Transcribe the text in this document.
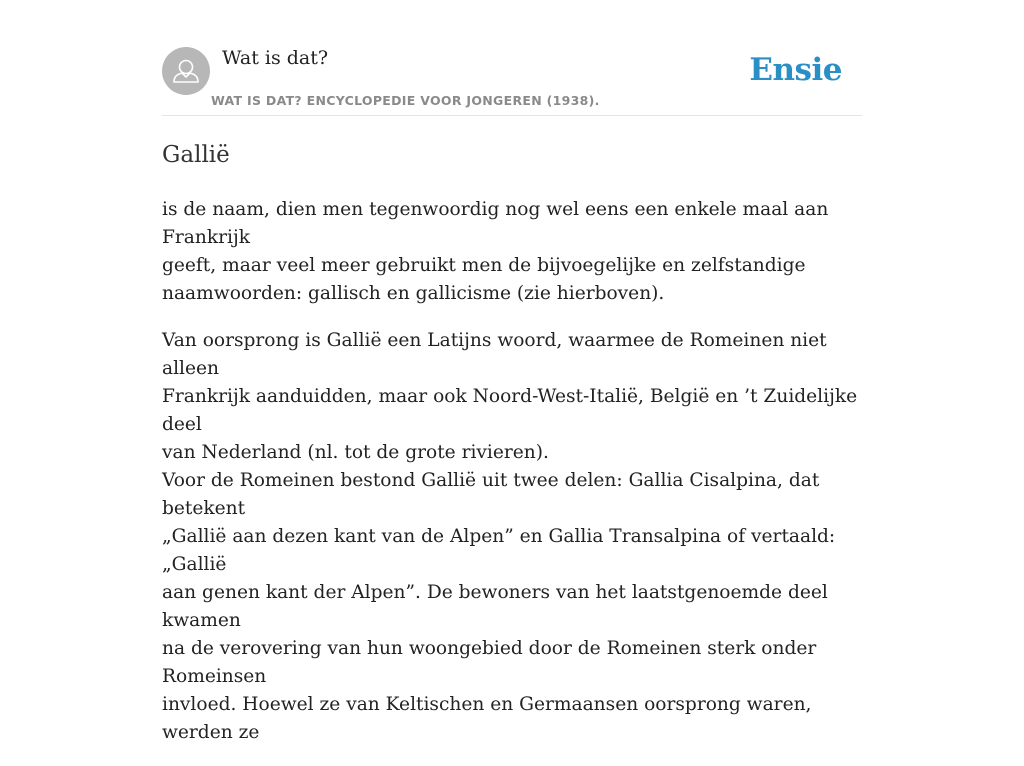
Wat is dat?
WAT IS DAT? ENCYCLOPEDIE VOOR JONGEREN (1938).
Ensie
Gallië

is de naam, dien men tegenwoordig nog wel eens een enkele maal aan Frankrijk
geeft, maar veel meer gebruikt men de bijvoegelijke en zelfstandige
naamwoorden: gallisch en gallicisme (zie hierboven).

Van oorsprong is Gallië een Latijns woord, waarmee de Romeinen niet alleen
Frankrijk aanduidden, maar ook Noord-West-Italië, België en ’t Zuidelijke deel
van Nederland (nl. tot de grote rivieren).
Voor de Romeinen bestond Gallië uit twee delen: Gallia Cisalpina, dat betekent
„Gallië aan dezen kant van de Alpen” en Gallia Transalpina of vertaald: „Gallië
aan genen kant der Alpen”. De bewoners van het laatstgenoemde deel kwamen
na de verovering van hun woongebied door de Romeinen sterk onder Romeinsen
invloed. Hoewel ze van Keltischen en Germaansen oorsprong waren, werden ze
